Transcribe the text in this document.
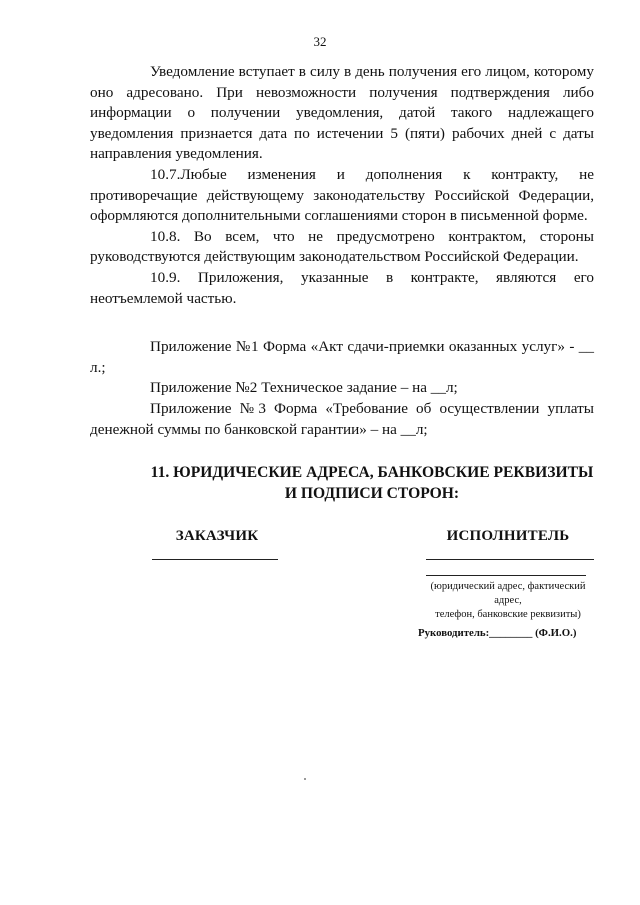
32

Уведомление вступает в силу в день получения его лицом, которому оно адресовано. При невозможности получения подтверждения либо информации о получении уведомления, датой такого надлежащего уведомления признается дата по истечении 5 (пяти) рабочих дней с даты направления уведомления.

10.7.Любые изменения и дополнения к контракту, не противоречащие действующему законодательству Российской Федерации, оформляются дополнительными соглашениями сторон в письменной форме.

10.8. Во всем, что не предусмотрено контрактом, стороны руководствуются действующим законодательством Российской Федерации.

10.9. Приложения, указанные в контракте, являются его неотъемлемой частью.

Приложение №1 Форма «Акт сдачи-приемки оказанных услуг» - __ л.;

Приложение №2 Техническое задание – на __л;

Приложение №3 Форма «Требование об осуществлении уплаты денежной суммы по банковской гарантии» – на __л;

11. ЮРИДИЧЕСКИЕ АДРЕСА, БАНКОВСКИЕ РЕКВИЗИТЫ
И ПОДПИСИ СТОРОН:
ЗАКАЗЧИК	ИСПОЛНИТЕЛЬ
(юридический адрес, фактический
адрес,
телефон, банковские реквизиты)
Руководитель:________ (Ф.И.О.)
